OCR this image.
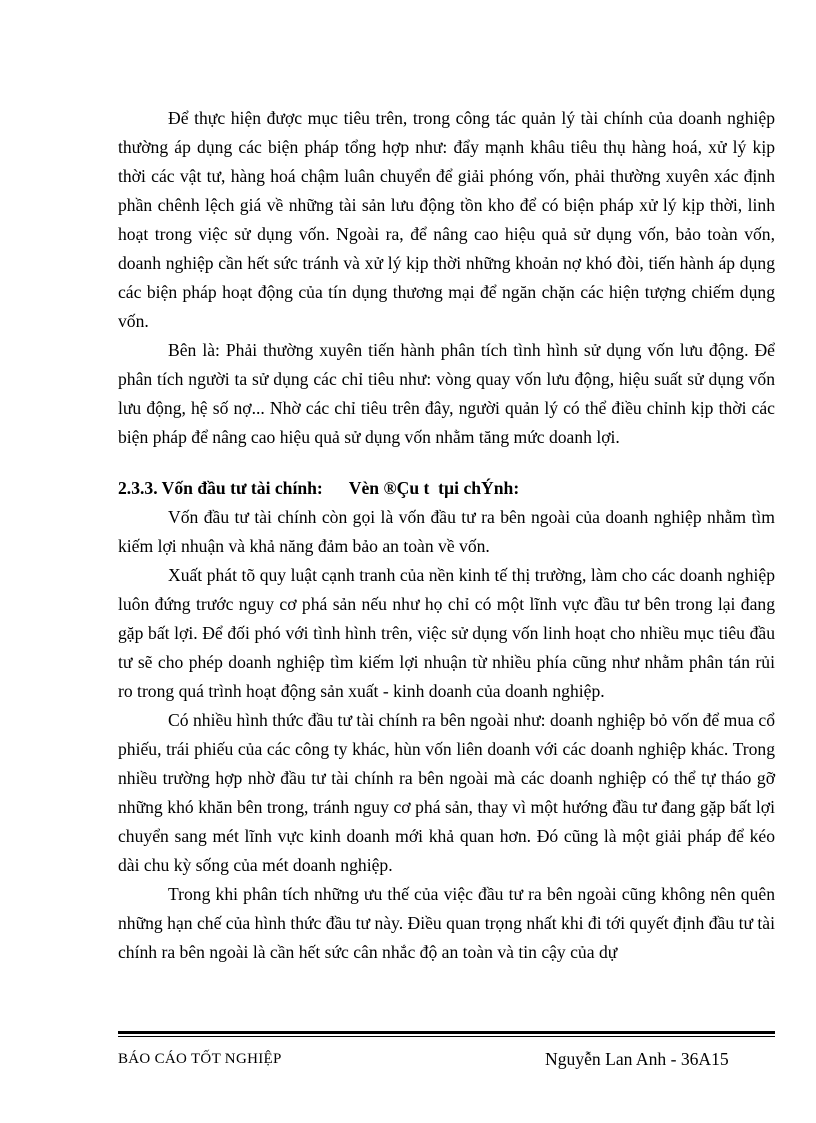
Để thực hiện được mục tiêu trên, trong công tác quản lý tài chính của doanh nghiệp thường áp dụng các biện pháp tổng hợp như: đẩy mạnh khâu tiêu thụ hàng hoá, xử lý kịp thời các vật tư, hàng hoá chậm luân chuyển để giải phóng vốn, phải thường xuyên xác định phần chênh lệch giá về những tài sản lưu động tồn kho để có biện pháp xử lý kịp thời, linh hoạt trong việc sử dụng vốn. Ngoài ra, để nâng cao hiệu quả sử dụng vốn, bảo toàn vốn, doanh nghiệp cần hết sức tránh và xử lý kịp thời những khoản nợ khó đòi, tiến hành áp dụng các biện pháp hoạt động của tín dụng thương mại để ngăn chặn các hiện tượng chiếm dụng vốn.

Bên là: Phải thường xuyên tiến hành phân tích tình hình sử dụng vốn lưu động. Để phân tích người ta sử dụng các chỉ tiêu như: vòng quay vốn lưu động, hiệu suất sử dụng vốn lưu động, hệ số nợ... Nhờ các chỉ tiêu trên đây, người quản lý có thể điều chỉnh kịp thời các biện pháp để nâng cao hiệu quả sử dụng vốn nhằm tăng mức doanh lợi.

2.3.3. Vốn đầu tư tài chính: Vèn ®Çu t  tµi chÝnh:

Vốn đầu tư tài chính còn gọi là vốn đầu tư ra bên ngoài của doanh nghiệp nhằm tìm kiếm lợi nhuận và khả năng đảm bảo an toàn về vốn.

Xuất phát tõ quy luật cạnh tranh của nền kinh tế thị trường, làm cho các doanh nghiệp luôn đứng trước nguy cơ phá sản nếu như họ chỉ có một lĩnh vực đầu tư bên trong lại đang gặp bất lợi. Để đối phó với tình hình trên, việc sử dụng vốn linh hoạt cho nhiều mục tiêu đầu tư sẽ cho phép doanh nghiệp tìm kiếm lợi nhuận từ nhiều phía cũng như nhằm phân tán rủi ro trong quá trình hoạt động sản xuất - kinh doanh của doanh nghiệp.

Có nhiều hình thức đầu tư tài chính ra bên ngoài như: doanh nghiệp bỏ vốn để mua cổ phiếu, trái phiếu của các công ty khác, hùn vốn liên doanh với các doanh nghiệp khác. Trong nhiều trường hợp nhờ đầu tư tài chính ra bên ngoài mà các doanh nghiệp có thể tự tháo gỡ những khó khăn bên trong, tránh nguy cơ phá sản, thay vì một hướng đầu tư đang gặp bất lợi chuyển sang mét lĩnh vực kinh doanh mới khả quan hơn. Đó cũng là một giải pháp để kéo dài chu kỳ sống của mét doanh nghiệp.

Trong khi phân tích những ưu thế của việc đầu tư ra bên ngoài cũng không nên quên những hạn chế của hình thức đầu tư này. Điều quan trọng nhất khi đi tới quyết định đầu tư tài chính ra bên ngoài là cần hết sức cân nhắc độ an toàn và tin cậy của dự

BÁO CÁO TỐT NGHIỆP	Nguyễn Lan Anh - 36A15
